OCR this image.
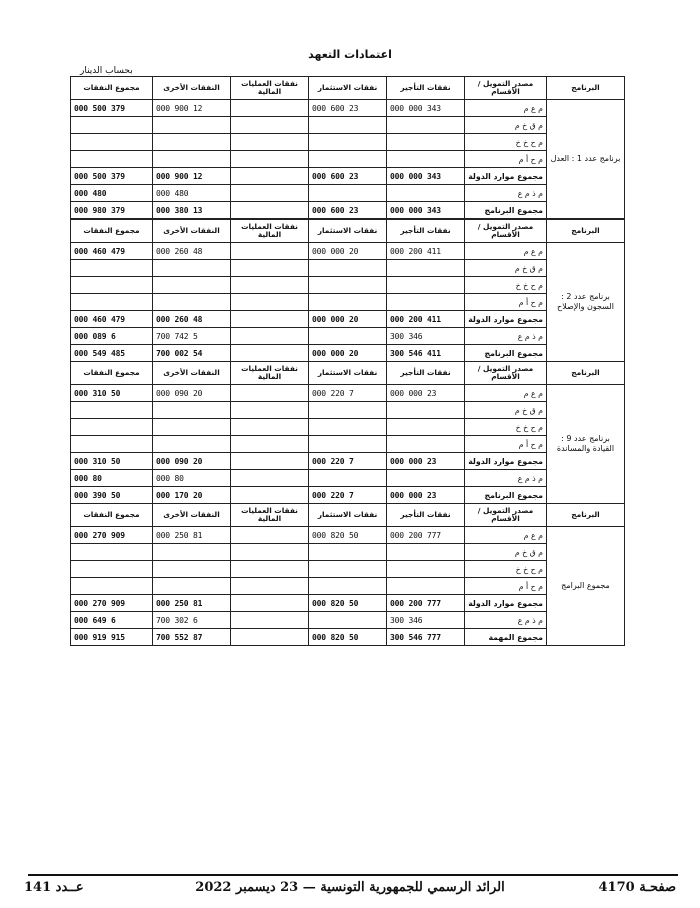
اعتمادات التعهد
بحساب الدينار
البرنامج	مصدر التمويل / الأقسام	نفقات التأجير	نفقات الاستثمار	نفقات العمليات المالية	النفقات الأخرى	مجموع النفقات
برنامج عدد 1 : العدل	م ع م	343 000 000	23 600 000		12 900 000	379 500 000
	م ق خ م					
	م ح خ خ					
	م ح أ م					
	مجموع موارد الدولة	343 000 000	23 600 000		12 900 000	379 500 000
	م ذ م ع				480 000	480 000
	مجموع البرنامج	343 000 000	23 600 000		13 380 000	379 980 000
البرنامج	مصدر التمويل / الأقسام	نفقات التأجير	نفقات الاستثمار	نفقات العمليات المالية	النفقات الأخرى	مجموع النفقات
برنامج عدد 2 : السجون والإصلاح	م ع م	411 200 000	20 000 000		48 260 000	479 460 000
	م ق خ م					
	م ح خ خ					
	م ح أ م					
	مجموع موارد الدولة	411 200 000	20 000 000		48 260 000	479 460 000
	م ذ م ع	346 300			5 742 700	6 089 000
	مجموع البرنامج	411 546 300	20 000 000		54 002 700	485 549 000
البرنامج	مصدر التمويل / الأقسام	نفقات التأجير	نفقات الاستثمار	نفقات العمليات المالية	النفقات الأخرى	مجموع النفقات
برنامج عدد 9 : القيادة والمساندة	م ع م	23 000 000	7 220 000		20 090 000	50 310 000
	م ق خ م					
	م ح خ خ					
	م ح أ م					
	مجموع موارد الدولة	23 000 000	7 220 000		20 090 000	50 310 000
	م ذ م ع				80 000	80 000
	مجموع البرنامج	23 000 000	7 220 000		20 170 000	50 390 000
البرنامج	مصدر التمويل / الأقسام	نفقات التأجير	نفقات الاستثمار	نفقات العمليات المالية	النفقات الأخرى	مجموع النفقات
مجموع البرامج	م ع م	777 200 000	50 820 000		81 250 000	909 270 000
	م ق خ م					
	م ح خ خ					
	م ح أ م					
	مجموع موارد الدولة	777 200 000	50 820 000		81 250 000	909 270 000
	م ذ م ع	346 300			6 302 700	6 649 000
	مجموع المهمة	777 546 300	50 820 000		87 552 700	915 919 000
صفحـة 4170
الرائد الرسمي للجمهورية التونسية — 23 ديسمبر 2022
عــدد 141
